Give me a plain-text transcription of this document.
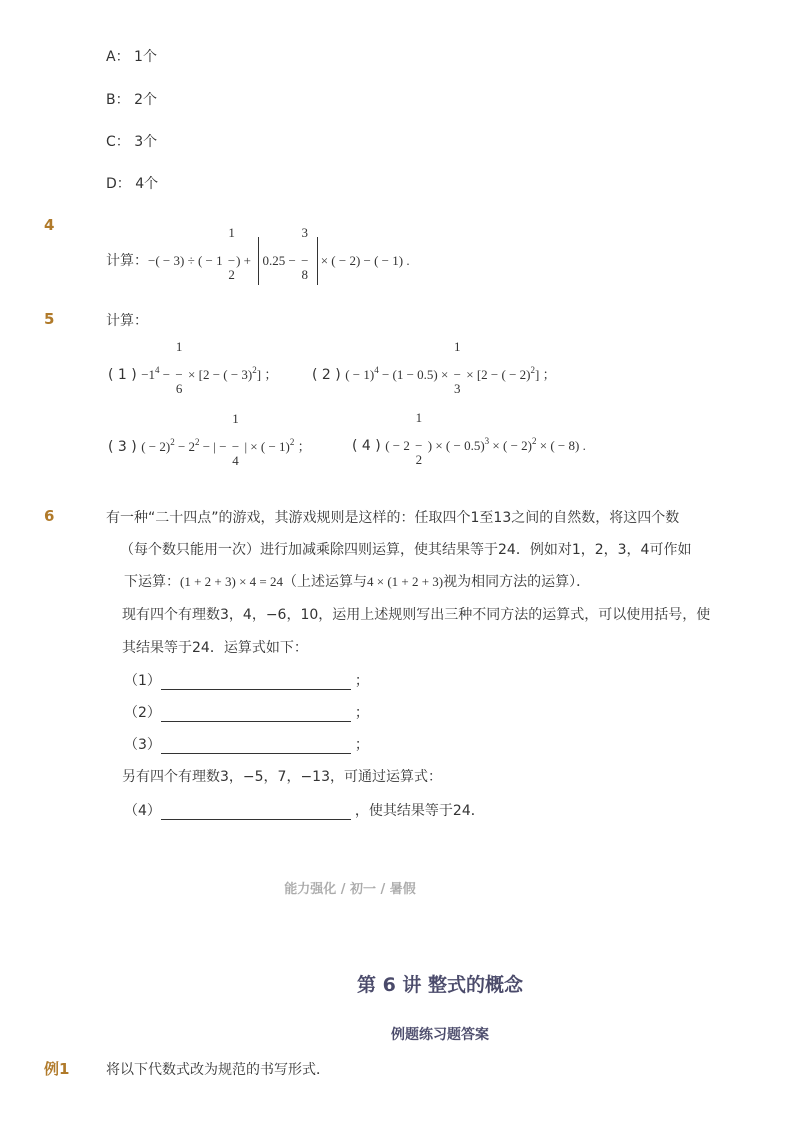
A： 1个
B： 2个
C： 3个
D： 4个
4
计算：−( − 3) ÷ ( − 1
1
−
2
) + 0.25 −
3
−
8
× ( − 2) − ( − 1) .
5	计算：
( 1 ) $-1^4$ −
1
−
6
× [2 − ( − 3)$^2$] ； ( 2 ) ( − 1)$^4$ − (1 − 0.5) ×
1
−
3
× [2 − ( − 2)$^2$] ；
( 3 ) ( − $2)^2 - 2^2$ − | −
1
−
4
| × ( − 1)$^2$ ；	( 4 ) ( − 2
1
−
2
) × ( − 0.5)$^3$ × ( − 2)$^2$ × ( − 8) .
6	有一种“二十四点”的游戏，其游戏规则是这样的：任取四个1至13之间的自然数，将这四个数
（每个数只能用一次）进行加减乘除四则运算，使其结果等于24．例如对1，2，3，4可作如
下运算：(1 + 2 + 3) × 4 = 24（上述运算与4 × (1 + 2 + 3)视为相同方法的运算）．
现有四个有理数3，4，−6，10，运用上述规则写出三种不同方法的运算式，可以使用括号，使
其结果等于24．运算式如下：
（1）	；
（2）	；
（3）	；
另有四个有理数3，−5，7，−13，可通过运算式：
（4）	，使其结果等于24．
能力强化 / 初一 / 暑假
第 6 讲 整式的概念
例题练习题答案
例1	将以下代数式改为规范的书写形式．
